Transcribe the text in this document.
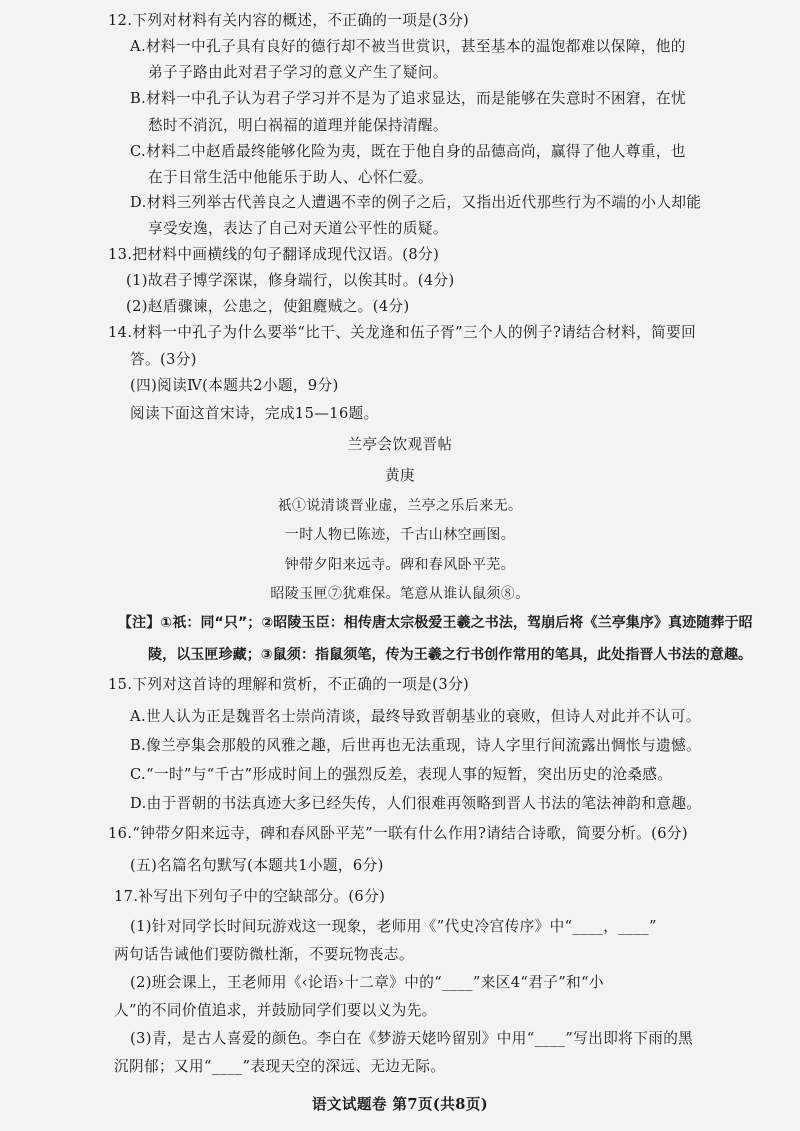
12.下列对材料有关内容的概述，不正确的一项是(3分)
A.材料一中孔子具有良好的德行却不被当世赏识，甚至基本的温饱都难以保障，他的
弟子子路由此对君子学习的意义产生了疑问。
B.材料一中孔子认为君子学习并不是为了追求显达，而是能够在失意时不困窘，在忧
愁时不消沉，明白祸福的道理并能保持清醒。
C.材料二中赵盾最终能够化险为夷，既在于他自身的品德高尚，赢得了他人尊重，也
在于日常生活中他能乐于助人、心怀仁爱。
D.材料三列举古代善良之人遭遇不幸的例子之后，又指出近代那些行为不端的小人却能
享受安逸，表达了自己对天道公平性的质疑。
13.把材料中画横线的句子翻译成现代汉语。(8分)
(1)故君子博学深谋，修身端行，以俟其时。(4分)
(2)赵盾骤谏，公患之，使鉏麑贼之。(4分)
14.材料一中孔子为什么要举“比干、关龙逄和伍子胥”三个人的例子?请结合材料，简要回
答。(3分)
(四)阅读Ⅳ(本题共2小题，9分)
阅读下面这首宋诗，完成15—16题。
兰亭会饮观晋帖
黄庚
祇①说清谈晋业虚，兰亭之乐后来无。
一时人物已陈迹，千古山林空画图。
钟带夕阳来远寺。碑和春风卧平芜。
昭陵玉匣⑦犹难保。笔意从谁认鼠须⑧。
【注】①祇：同“只”；②昭陵玉臣：相传唐太宗极爱王羲之书法，驾崩后将《兰亭集序》真迹随葬于昭
陵，以玉匣珍藏；③鼠须：指鼠须笔，传为王羲之行书创作常用的笔具，此处指晋人书法的意趣。
15.下列对这首诗的理解和赏析，不正确的一项是(3分)
A.世人认为正是魏晋名士崇尚清谈，最终导致晋朝基业的衰败，但诗人对此并不认可。
B.像兰亭集会那般的风雅之趣，后世再也无法重现，诗人字里行间流露出惆怅与遗憾。
C.“一时”与“千古”形成时间上的强烈反差，表现人事的短暂，突出历史的沧桑感。
D.由于晋朝的书法真迹大多已经失传，人们很难再领略到晋人书法的笔法神韵和意趣。
16.“钟带夕阳来远寺，碑和春风卧平芜”一联有什么作用?请结合诗歌，简要分析。(6分)
(五)名篇名句默写(本题共1小题，6分)
17.补写出下列句子中的空缺部分。(6分)
(1)针对同学长时间玩游戏这一现象，老师用《”代史冷宫传序》中“____，____”
两句话告诫他们要防微杜渐，不要玩物丧志。
(2)班会课上，王老师用《‹论语›十二章》中的“____”来区4“君子”和“小
人”的不同价值追求，并鼓励同学们要以义为先。
(3)青，是古人喜爱的颜色。李白在《梦游天姥吟留别》中用“____”写出即将下雨的黑
沉阴郁；又用“____”表现天空的深远、无边无际。
语文试题卷 第7页(共8页)
